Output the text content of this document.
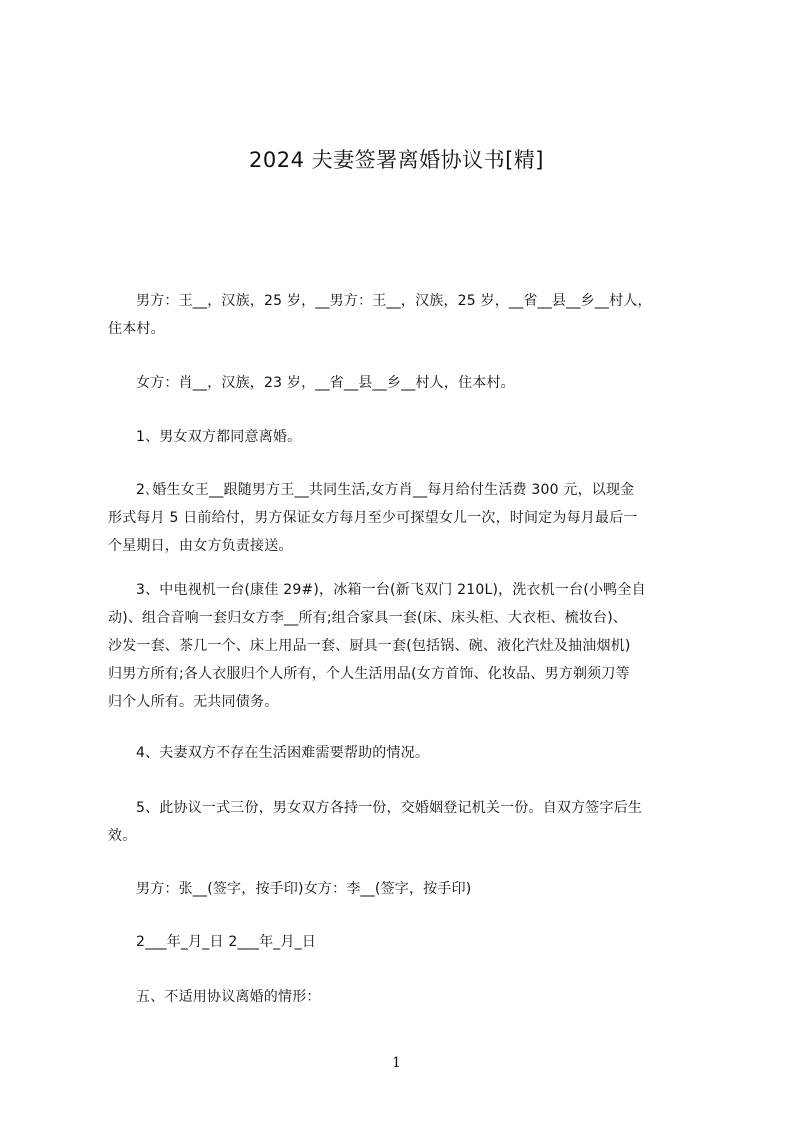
2024 夫妻签署离婚协议书[精]
男方：王__，汉族，25 岁，__男方：王__，汉族，25 岁，__省__县__乡__村人，
住本村。
女方：肖__，汉族，23 岁，__省__县__乡__村人，住本村。
1、男女双方都同意离婚。
2､婚生女王__跟随男方王__共同生活,女方肖__每月给付生活费 300 元，以现金
形式每月 5 日前给付，男方保证女方每月至少可探望女儿一次，时间定为每月最后一
个星期日，由女方负责接送。
3、中电视机一台(康佳 29#)，冰箱一台(新飞双门 210L)，洗衣机一台(小鸭全自
动)、组合音响一套归女方李__所有;组合家具一套(床、床头柜、大衣柜、梳妆台)、
沙发一套、茶几一个、床上用品一套、厨具一套(包括锅、碗、液化汽灶及抽油烟机)
归男方所有;各人衣服归个人所有，个人生活用品(女方首饰、化妆品、男方剃须刀等
归个人所有。无共同债务。
4、夫妻双方不存在生活困难需要帮助的情况。
5、此协议一式三份，男女双方各持一份，交婚姻登记机关一份。自双方签字后生
效。
男方：张__(签字，按手印)女方：李__(签字，按手印)
2___年_月_日 2___年_月_日
五、不适用协议离婚的情形：
1
